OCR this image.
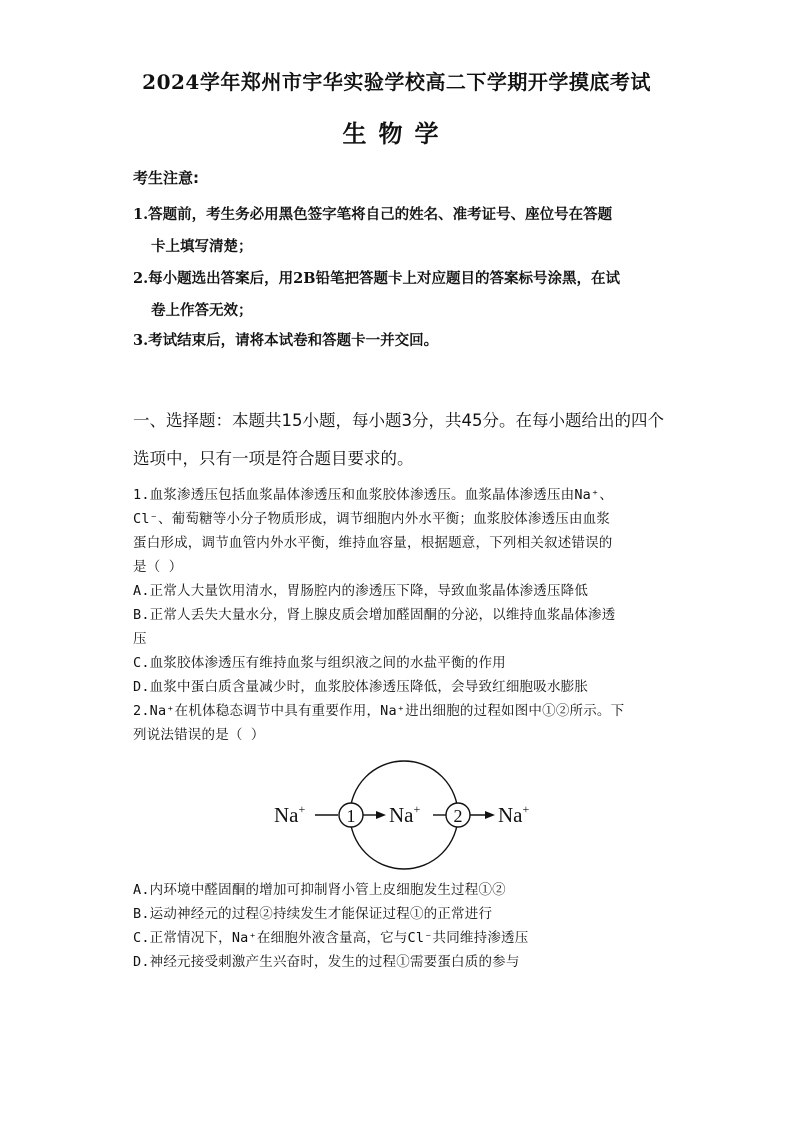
2024学年郑州市宇华实验学校高二下学期开学摸底考试
生物学
考生注意:
1.答题前，考生务必用黑色签字笔将自己的姓名、准考证号、座位号在答题
卡上填写清楚；
2.每小题选出答案后，用2B铅笔把答题卡上对应题目的答案标号涂黑，在试
卷上作答无效；
3.考试结束后，请将本试卷和答题卡一并交回。
一、选择题：本题共15小题，每小题3分，共45分。在每小题给出的四个
选项中，只有一项是符合题目要求的。
1.血浆渗透压包括血浆晶体渗透压和血浆胶体渗透压。血浆晶体渗透压由Na⁺、
Cl⁻、葡萄糖等小分子物质形成，调节细胞内外水平衡；血浆胶体渗透压由血浆
蛋白形成，调节血管内外水平衡，维持血容量，根据题意，下列相关叙述错误的
是（ ）
A.正常人大量饮用清水，胃肠腔内的渗透压下降，导致血浆晶体渗透压降低
B.正常人丢失大量水分，肾上腺皮质会增加醛固酮的分泌，以维持血浆晶体渗透
压
C.血浆胶体渗透压有维持血浆与组织液之间的水盐平衡的作用
D.血浆中蛋白质含量减少时，血浆胶体渗透压降低，会导致红细胞吸水膨胀
2.Na⁺在机体稳态调节中具有重要作用，Na⁺进出细胞的过程如图中①②所示。下
列说法错误的是（ ）
Na+ 1 Na+ 2 Na+
A.内环境中醛固酮的增加可抑制肾小管上皮细胞发生过程①②
B.运动神经元的过程②持续发生才能保证过程①的正常进行
C.正常情况下，Na⁺在细胞外液含量高，它与Cl⁻共同维持渗透压
D.神经元接受刺激产生兴奋时，发生的过程①需要蛋白质的参与
